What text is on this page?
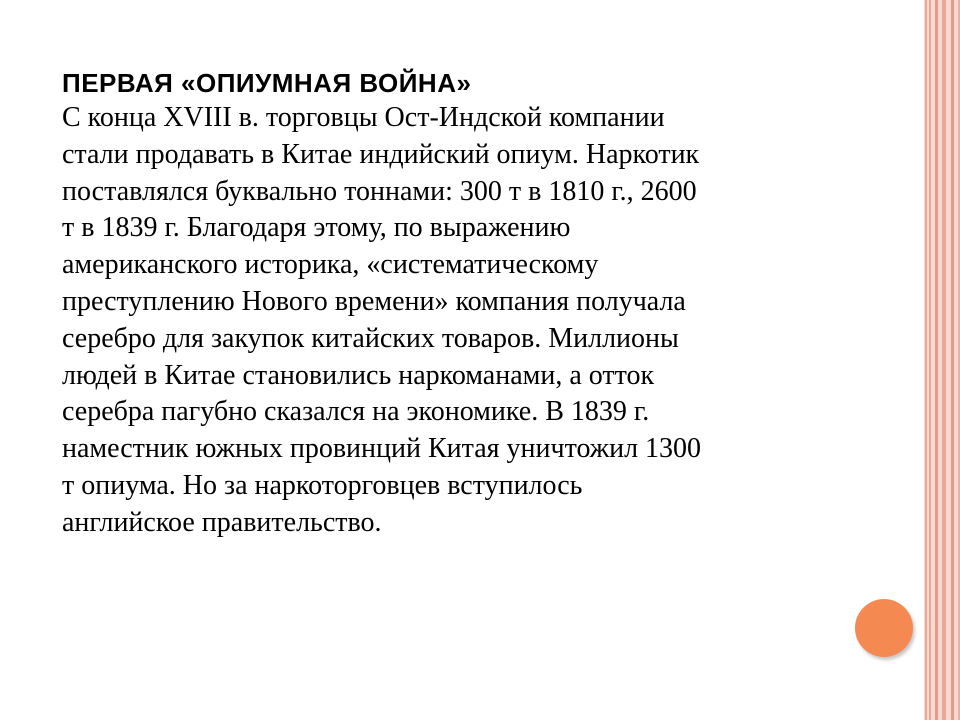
ПЕРВАЯ «ОПИУМНАЯ ВОЙНА»

С конца XVIII в. торговцы Ост-Индской компании

стали продавать в Китае индийский опиум. Наркотик

поставлялся буквально тоннами: 300 т в 1810 г., 2600

т в 1839 г. Благодаря этому, по выражению

американского историка, «систематическому

преступлению Нового времени» компания получала

серебро для закупок китайских товаров. Миллионы

людей в Китае становились наркоманами, а отток

серебра пагубно сказался на экономике. В 1839 г.

наместник южных провинций Китая уничтожил 1300

т опиума. Но за наркоторговцев вступилось

английское правительство.
